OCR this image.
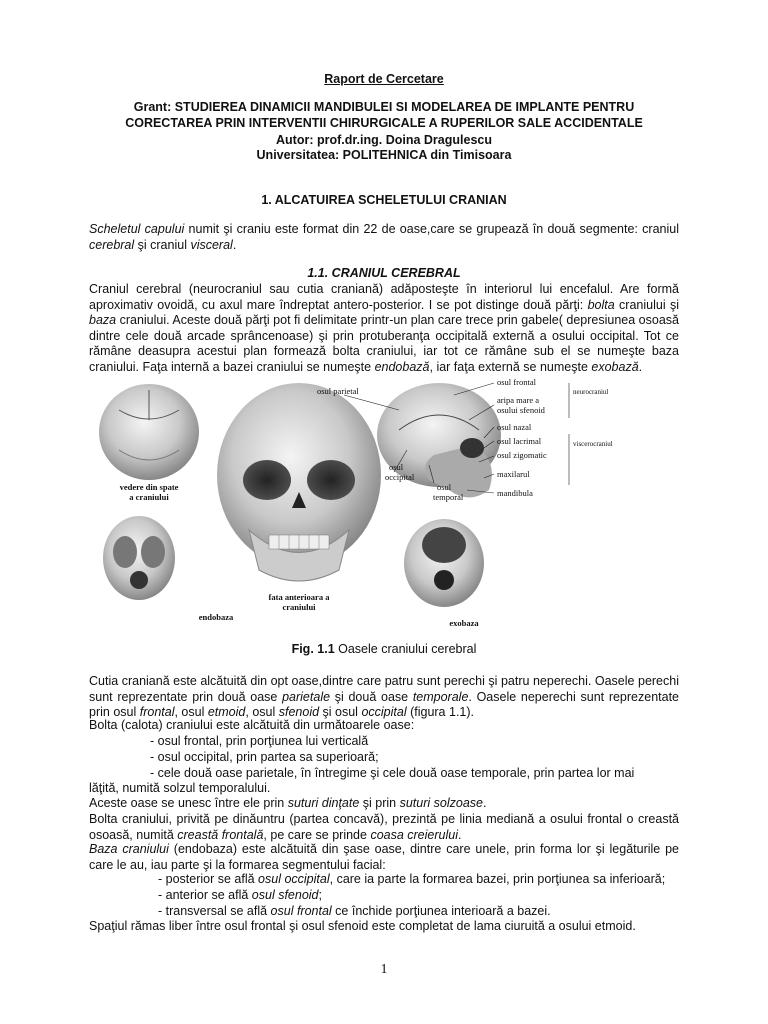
Raport de Cercetare
Grant: STUDIEREA DINAMICII MANDIBULEI SI MODELAREA DE IMPLANTE PENTRU
CORECTAREA PRIN INTERVENTII CHIRURGICALE A RUPERILOR SALE ACCIDENTALE
Autor: prof.dr.ing. Doina Dragulescu
Universitatea: POLITEHNICA din Timisoara
1. ALCATUIREA SCHELETULUI CRANIAN
Scheletul capului numit şi craniu este format din 22 de oase,care se grupează în două segmente: craniul cerebral şi craniul visceral.
1.1. CRANIUL CEREBRAL
Craniul cerebral (neurocraniul sau cutia craniană) adăposteşte în interiorul lui encefalul. Are formă aproximativ ovoidă, cu axul mare îndreptat antero-posterior. I se pot distinge două părţi: bolta craniului şi baza craniului. Aceste două părţi pot fi delimitate printr-un plan care trece prin gabele( depresiunea osoasă dintre cele două arcade sprâncenoase) şi prin protuberanţa occipitală externă a osului occipital. Tot ce rămâne deasupra acestui plan formează bolta craniului, iar tot ce rămâne sub el se numeşte baza craniului. Faţa internă a bazei craniului se numeşte endobază, iar faţa externă se numeşte exobază.
osul parietal
osul frontal
neurocraniul
aripa mare a
osului sfenoid
osul nazal
osul lacrimal	viscerocraniul
osul zigomatic
maxilarul
mandibula
osul
occipital
osul
temporal
vedere din spate
a craniului
fata anterioara a
craniului
endobaza
exobaza
Fig. 1.1 Oasele craniului cerebral
Cutia craniană este alcătuită din opt oase,dintre care patru sunt perechi şi patru neperechi. Oasele perechi sunt reprezentate prin două oase parietale şi două oase temporale. Oasele neperechi sunt reprezentate prin osul frontal, osul etmoid, osul sfenoid şi osul occipital (figura 1.1).
Bolta (calota) craniului este alcătuită din următoarele oase:
- osul frontal, prin porţiunea lui verticală
- osul occipital, prin partea sa superioară;
- cele două oase parietale, în întregime şi cele două oase temporale, prin partea lor mai
lăţită, numită solzul temporalului.
Aceste oase se unesc între ele prin suturi dinţate şi prin suturi solzoase.
Bolta craniului, privită pe dinăuntru (partea concavă), prezintă pe linia mediană a osului frontal o creastă osoasă, numită creastă frontală, pe care se prinde coasa creierului.
Baza craniului (endobaza) este alcătuită din şase oase, dintre care unele, prin forma lor şi legăturile pe care le au, iau parte şi la formarea segmentului facial:
- posterior se află osul occipital, care ia parte la formarea bazei, prin porţiunea sa inferioară;
- anterior se află osul sfenoid;
- transversal se află osul frontal ce închide porţiunea interioară a bazei.
Spaţiul rămas liber între osul frontal şi osul sfenoid este completat de lama ciuruită a osului etmoid.
1
